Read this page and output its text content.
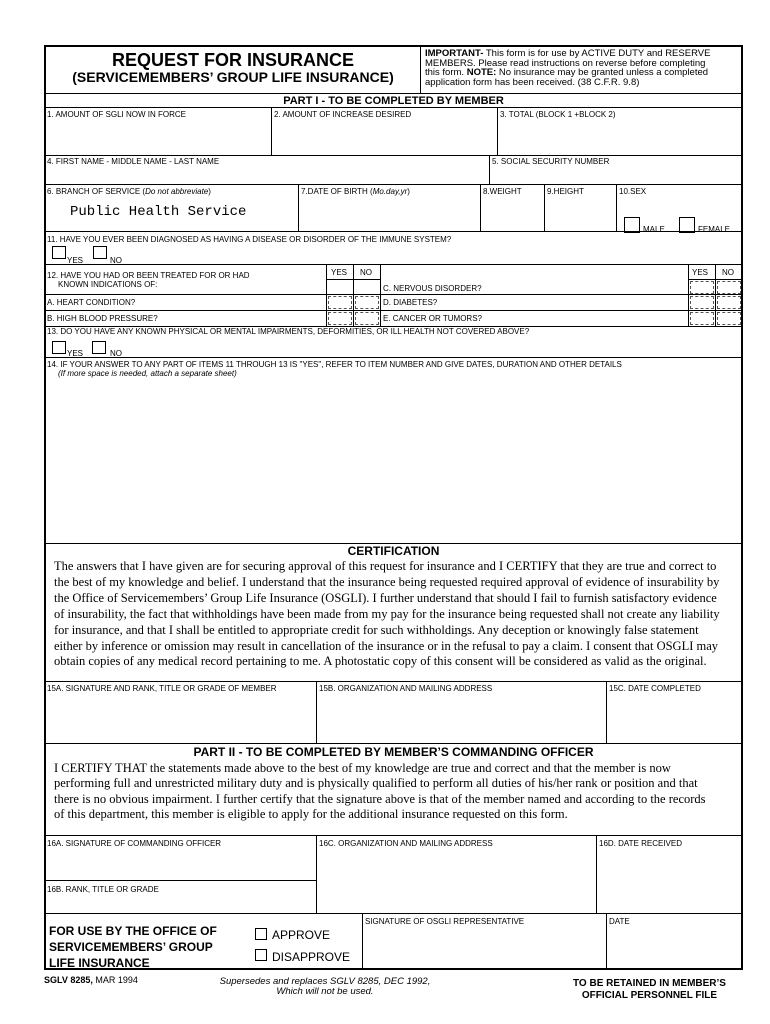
REQUEST FOR INSURANCE
(SERVICEMEMBERS’ GROUP LIFE INSURANCE)
IMPORTANT- This form is for use by ACTIVE DUTY and RESERVE
MEMBERS. Please read instructions on reverse before completing
this form. NOTE: No insurance may be granted unless a completed
application form has been received. (38 C.F.R. 9.8)
PART I - TO BE COMPLETED BY MEMBER
1. AMOUNT OF SGLI NOW IN FORCE	2. AMOUNT OF INCREASE DESIRED	3. TOTAL (BLOCK 1 +BLOCK 2)
4. FIRST NAME - MIDDLE NAME - LAST NAME	5. SOCIAL SECURITY NUMBER
6. BRANCH OF SERVICE (Do not abbreviate)
Public Health Service
7.DATE OF BIRTH (Mo.day,yr)	8.WEIGHT	9.HEIGHT	10.SEX
MALE	FEMALE
11. HAVE YOU EVER BEEN DIAGNOSED AS HAVING A DISEASE OR DISORDER OF THE IMMUNE SYSTEM?
YES	NO
12. HAVE YOU HAD OR BEEN TREATED FOR OR HAD
KNOWN INDICATIONS OF:
YES NO	YES NO
C. NERVOUS DISORDER?
A. HEART CONDITION?	D. DIABETES?
B. HIGH BLOOD PRESSURE?	E. CANCER OR TUMORS?
13. DO YOU HAVE ANY KNOWN PHYSICAL OR MENTAL IMPAIRMENTS, DEFORMITIES, OR ILL HEALTH NOT COVERED ABOVE?
YES	NO
14. IF YOUR ANSWER TO ANY PART OF ITEMS 11 THROUGH 13 IS "YES", REFER TO ITEM NUMBER AND GIVE DATES, DURATION AND OTHER DETAILS
(If more space is needed, attach a separate sheet)
CERTIFICATION
The answers that I have given are for securing approval of this request for insurance and I CERTIFY that they are true and correct to
the best of my knowledge and belief. I understand that the insurance being requested required approval of evidence of insurability by
the Office of Servicemembers’ Group Life Insurance (OSGLI). I further understand that should I fail to furnish satisfactory evidence
of insurability, the fact that withholdings have been made from my pay for the insurance being requested shall not create any liability
for insurance, and that I shall be entitled to appropriate credit for such withholdings. Any deception or knowingly false statement
either by inference or omission may result in cancellation of the insurance or in the refusal to pay a claim. I consent that OSGLI may
obtain copies of any medical record pertaining to me. A photostatic copy of this consent will be considered as valid as the original.
15A. SIGNATURE AND RANK, TITLE OR GRADE OF MEMBER	15B. ORGANIZATION AND MAILING ADDRESS	15C. DATE COMPLETED
PART II - TO BE COMPLETED BY MEMBER’S COMMANDING OFFICER
I CERTIFY THAT the statements made above to the best of my knowledge are true and correct and that the member is now
performing full and unrestricted military duty and is physically qualified to perform all duties of his/her rank or position and that
there is no obvious impairment. I further certify that the signature above is that of the member named and according to the records
of this department, this member is eligible to apply for the additional insurance requested on this form.
16A. SIGNATURE OF COMMANDING OFFICER
16B. RANK, TITLE OR GRADE
16C. ORGANIZATION AND MAILING ADDRESS	16D. DATE RECEIVED
FOR USE BY THE OFFICE OF
SERVICEMEMBERS’ GROUP
LIFE INSURANCE
APPROVE
DISAPPROVE
SIGNATURE OF OSGLI REPRESENTATIVE	DATE
SGLV 8285, MAR 1994	Supersedes and replaces SGLV 8285, DEC 1992,
Which will not be used.
TO BE RETAINED IN MEMBER’S
OFFICIAL PERSONNEL FILE
